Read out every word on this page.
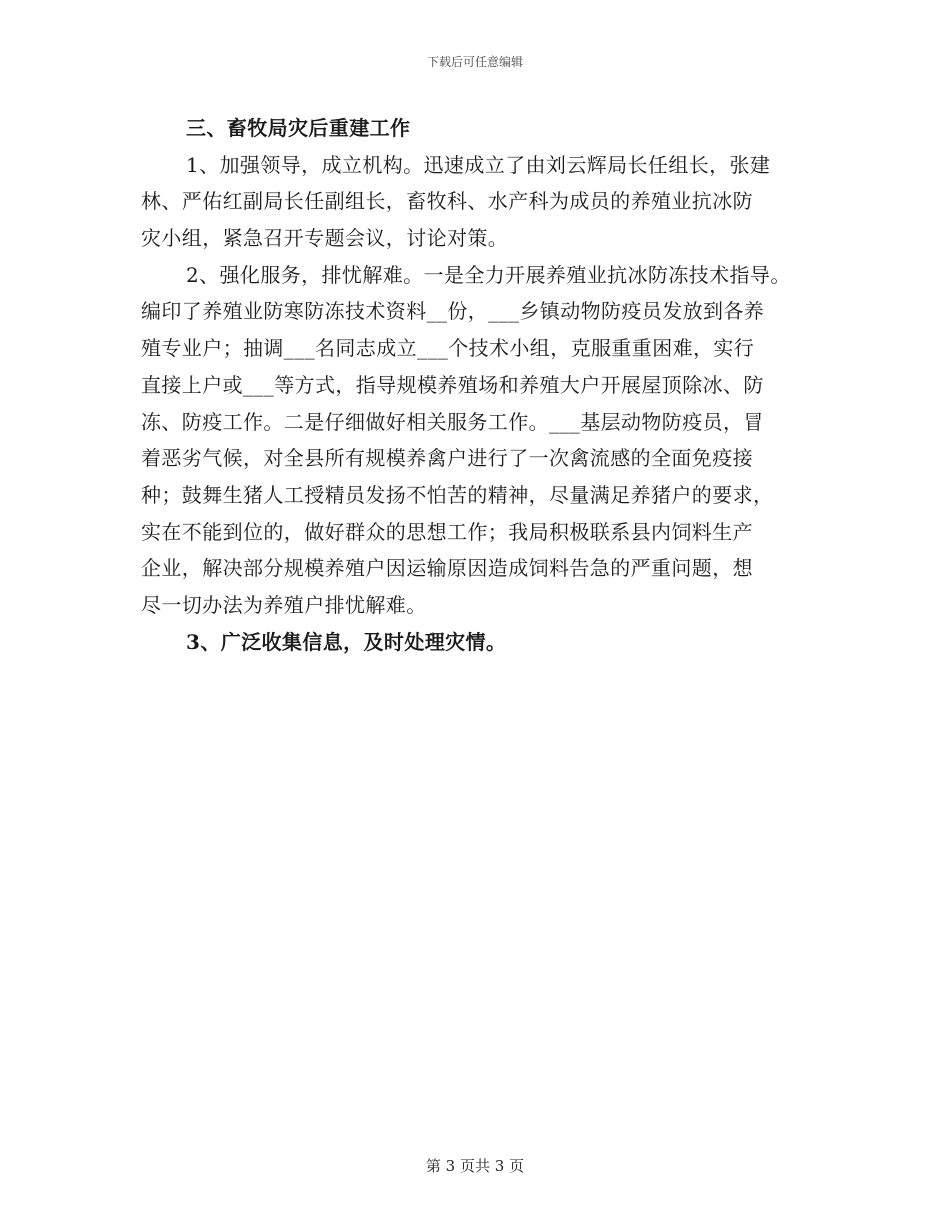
下载后可任意编辑
三、畜牧局灾后重建工作
1、加强领导，成立机构。迅速成立了由刘云辉局长任组长，张建
林、严佑红副局长任副组长，畜牧科、水产科为成员的养殖业抗冰防
灾小组，紧急召开专题会议，讨论对策。
2、强化服务，排忧解难。一是全力开展养殖业抗冰防冻技术指导。
编印了养殖业防寒防冻技术资料__份，___乡镇动物防疫员发放到各养
殖专业户；抽调___名同志成立___个技术小组，克服重重困难，实行
直接上户或___等方式，指导规模养殖场和养殖大户开展屋顶除冰、防
冻、防疫工作。二是仔细做好相关服务工作。___基层动物防疫员，冒
着恶劣气候，对全县所有规模养禽户进行了一次禽流感的全面免疫接
种；鼓舞生猪人工授精员发扬不怕苦的精神，尽量满足养猪户的要求，
实在不能到位的，做好群众的思想工作；我局积极联系县内饲料生产
企业，解决部分规模养殖户因运输原因造成饲料告急的严重问题，想
尽一切办法为养殖户排忧解难。
3、广泛收集信息，及时处理灾情。
第 3 页共 3 页
